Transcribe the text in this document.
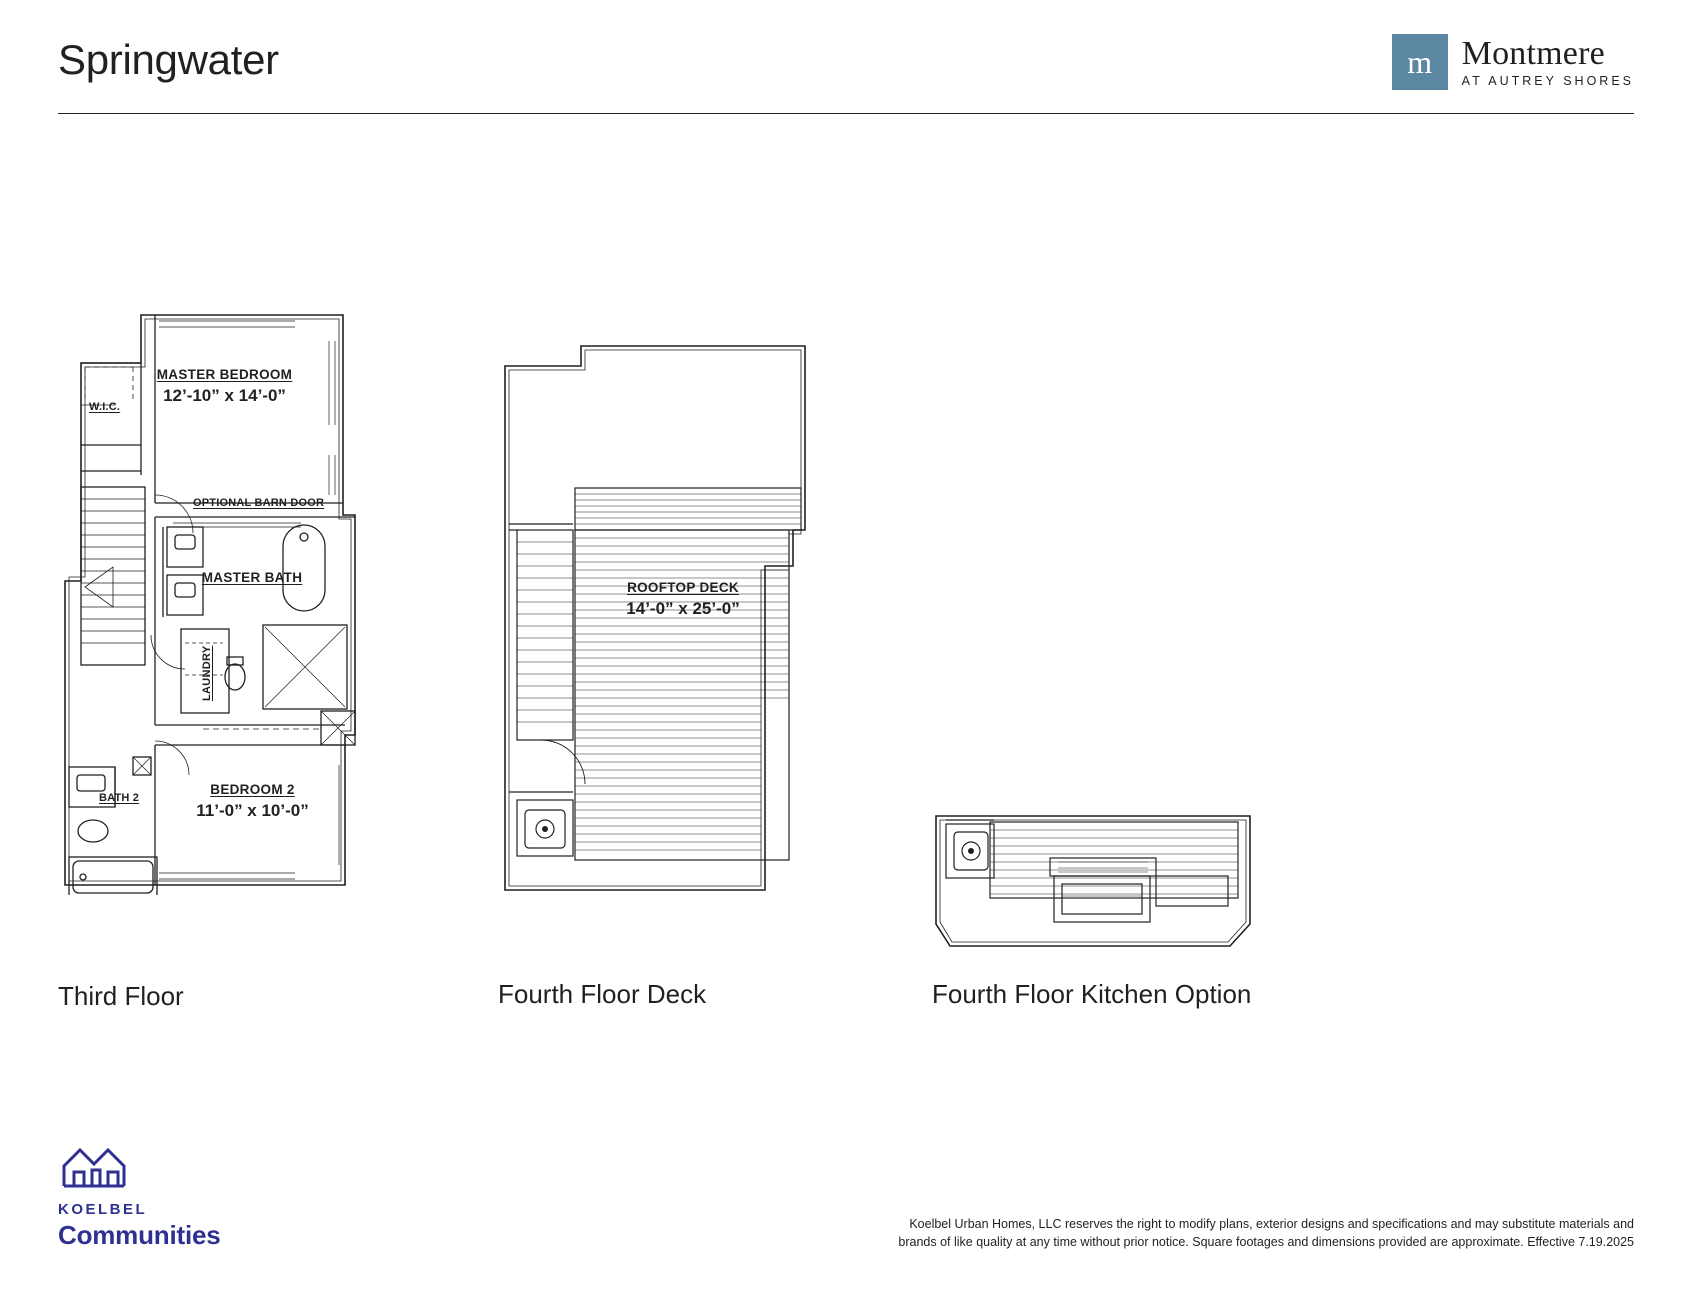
Springwater	m Montmere
AT AUTREY SHORES
MASTER BEDROOM
12’-10” x 14’-0”
W.I.C.
OPTIONAL BARN DOOR
MASTER BATH
LAUNDRY
BATH 2
BEDROOM 2
11’-0” x 10’-0”
Third Floor
ROOFTOP DECK
14’-0” x 25’-0”
Fourth Floor Deck	Fourth Floor Kitchen Option
KOELBEL
Communities	Koelbel Urban Homes, LLC reserves the right to modify plans, exterior designs and specifications and may substitute materials and brands of like quality at any time without prior notice. Square footages and dimensions provided are approximate. Effective 7.19.2025
